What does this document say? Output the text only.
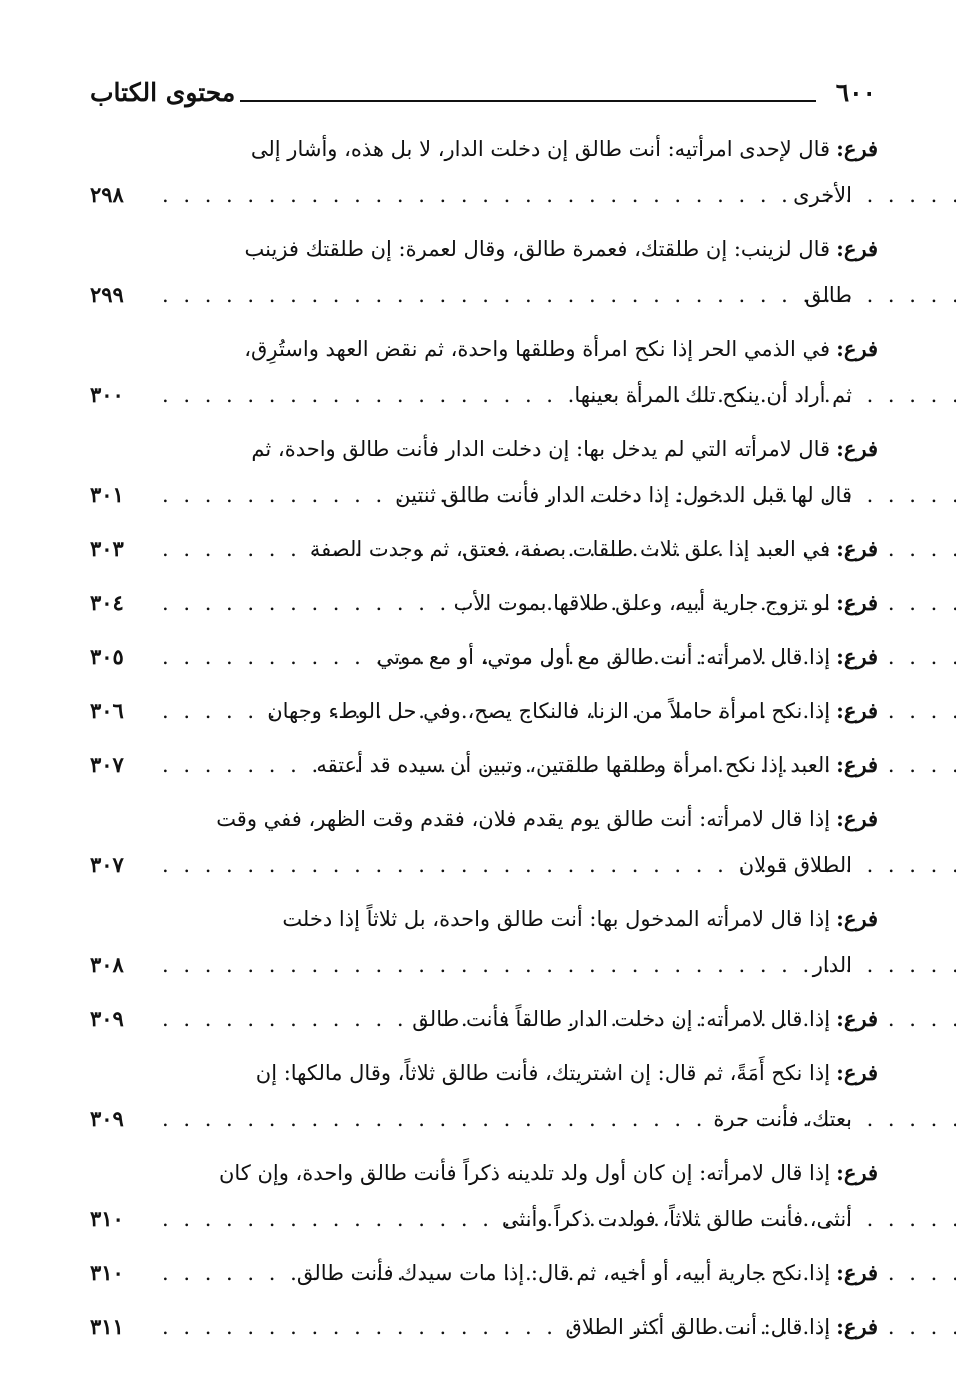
٦٠٠
محتوى الكتاب
فرع:
قال لإحدى امرأتيه: أنت طالق إن دخلت الدار، لا بل هذه، وأشار إلى
الأخرى
. . .
٢٩٨
فرع:
قال لزينب: إن طلقتك، فعمرة طالق، وقال لعمرة: إن طلقتك فزينب
طالق
. . .
٢٩٩
فرع:
في الذمي الحر إذا نكح امرأة وطلقها واحدة، ثم نقض العهد واستُرِق،
ثم أراد أن ينكح تلك المرأة بعينها
. . .
٣٠٠
فرع:
قال لامرأته التي لم يدخل بها: إن دخلت الدار فأنت طالق واحدة، ثم
قال لها قبل الدخول: إذا دخلت الدار فأنت طالق ثنتين
. . .
٣٠١
فرع:
في العبد إذا علق ثلاث طلقات بصفة، فعتق، ثم وجدت الصفة
. . .
٣٠٣
فرع:
لو تزوج جارية أبيه، وعلق طلاقها بموت الأب
. . .
٣٠٤
فرع:
إذا قال لامرأته: أنت طالق مع أول موتي، أو مع موتي
. . .
٣٠٥
فرع:
إذا نكح امرأة حاملاً من الزنا، فالنكاح يصح، وفي حل الوطء وجهان
. . .
٣٠٦
فرع:
العبد إذا نكح امرأة وطلقها طلقتين، وتبين أن سيده قد أعتقه
. . .
٣٠٧
فرع:
إذا قال لامرأته: أنت طالق يوم يقدم فلان، فقدم وقت الظهر، ففي وقت
الطلاق قولان
. . .
٣٠٧
فرع:
إذا قال لامرأته المدخول بها: أنت طالق واحدة، بل ثلاثاً إذا دخلت
الدار
. . .
٣٠٨
فرع:
إذا قال لامرأته: إن دخلت الدار طالقاً فأنت طالق
. . .
٣٠٩
فرع:
إذا نكح أَمَةً، ثم قال: إن اشتريتك، فأنت طالق ثلاثاً، وقال مالكها: إن
بعتك، فأنت حرة
. . .
٣٠٩
فرع:
إذا قال لامرأته: إن كان أول ولد تلدينه ذكراً فأنت طالق واحدة، وإن كان
أنثى، فأنت طالق ثلاثاً، فولدت ذكراً وأنثى
. . .
٣١٠
فرع:
إذا نكح جارية أبيه، أو أخيه، ثم قال: إذا مات سيدك فأنت طالق
. . .
٣١٠
فرع:
إذا قال: أنت طالق أكثر الطلاق
. . .
٣١١
